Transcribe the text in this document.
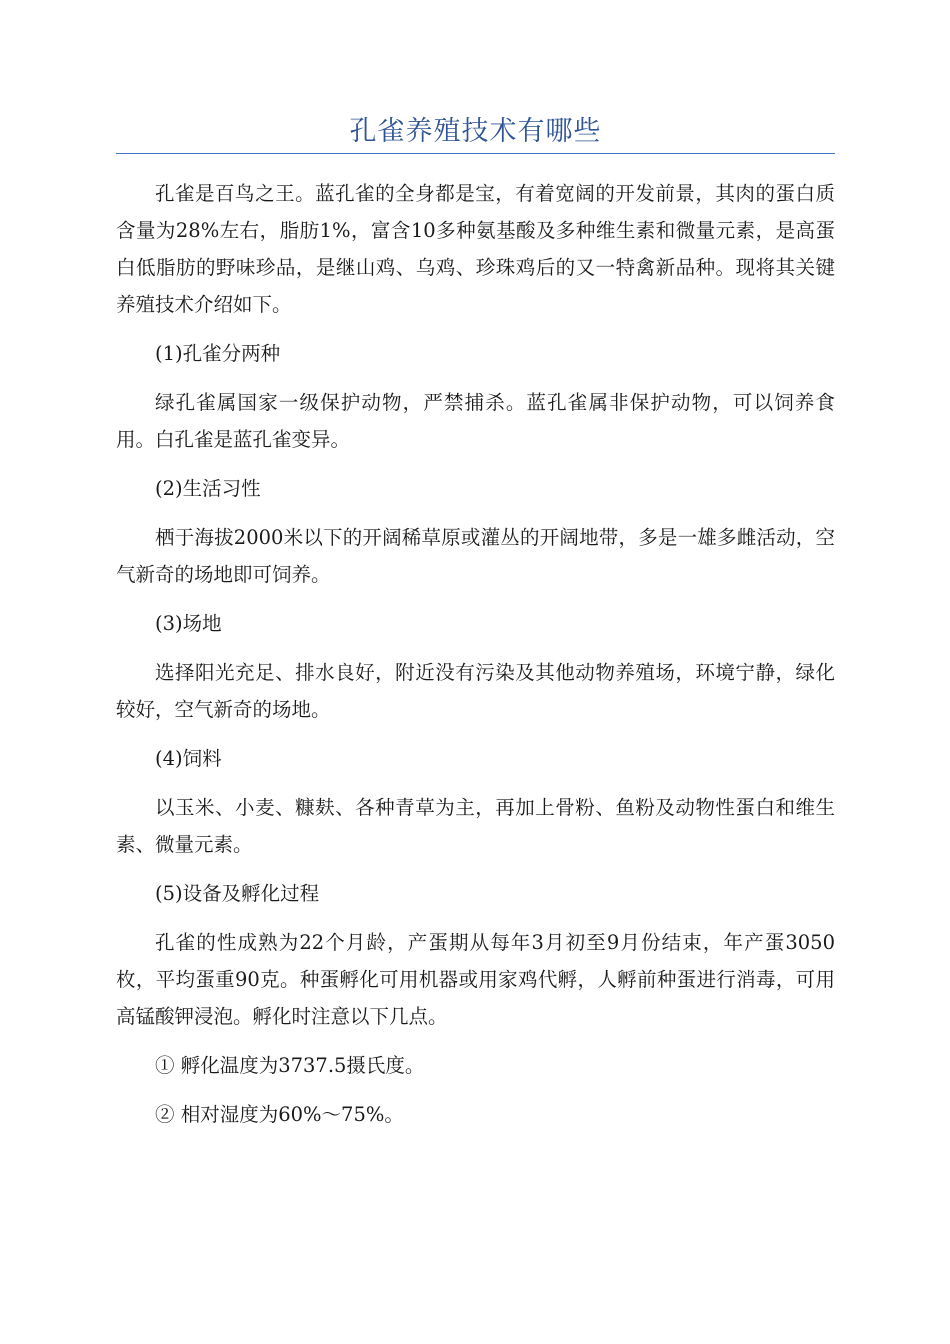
孔雀养殖技术有哪些

孔雀是百鸟之王。蓝孔雀的全身都是宝，有着宽阔的开发前景，其肉的蛋白质含量为28%左右，脂肪1%，富含10多种氨基酸及多种维生素和微量元素，是高蛋白低脂肪的野味珍品，是继山鸡、乌鸡、珍珠鸡后的又一特禽新品种。现将其关键养殖技术介绍如下。

(1)孔雀分两种

绿孔雀属国家一级保护动物，严禁捕杀。蓝孔雀属非保护动物，可以饲养食用。白孔雀是蓝孔雀变异。

(2)生活习性

栖于海拔2000米以下的开阔稀草原或灌丛的开阔地带，多是一雄多雌活动，空气新奇的场地即可饲养。

(3)场地

选择阳光充足、排水良好，附近没有污染及其他动物养殖场，环境宁静，绿化较好，空气新奇的场地。

(4)饲料

以玉米、小麦、糠麸、各种青草为主，再加上骨粉、鱼粉及动物性蛋白和维生素、微量元素。

(5)设备及孵化过程

孔雀的性成熟为22个月龄，产蛋期从每年3月初至9月份结束，年产蛋3050枚，平均蛋重90克。种蛋孵化可用机器或用家鸡代孵，人孵前种蛋进行消毒，可用高锰酸钾浸泡。孵化时注意以下几点。

① 孵化温度为3737.5摄氏度。

② 相对湿度为60%～75%。
